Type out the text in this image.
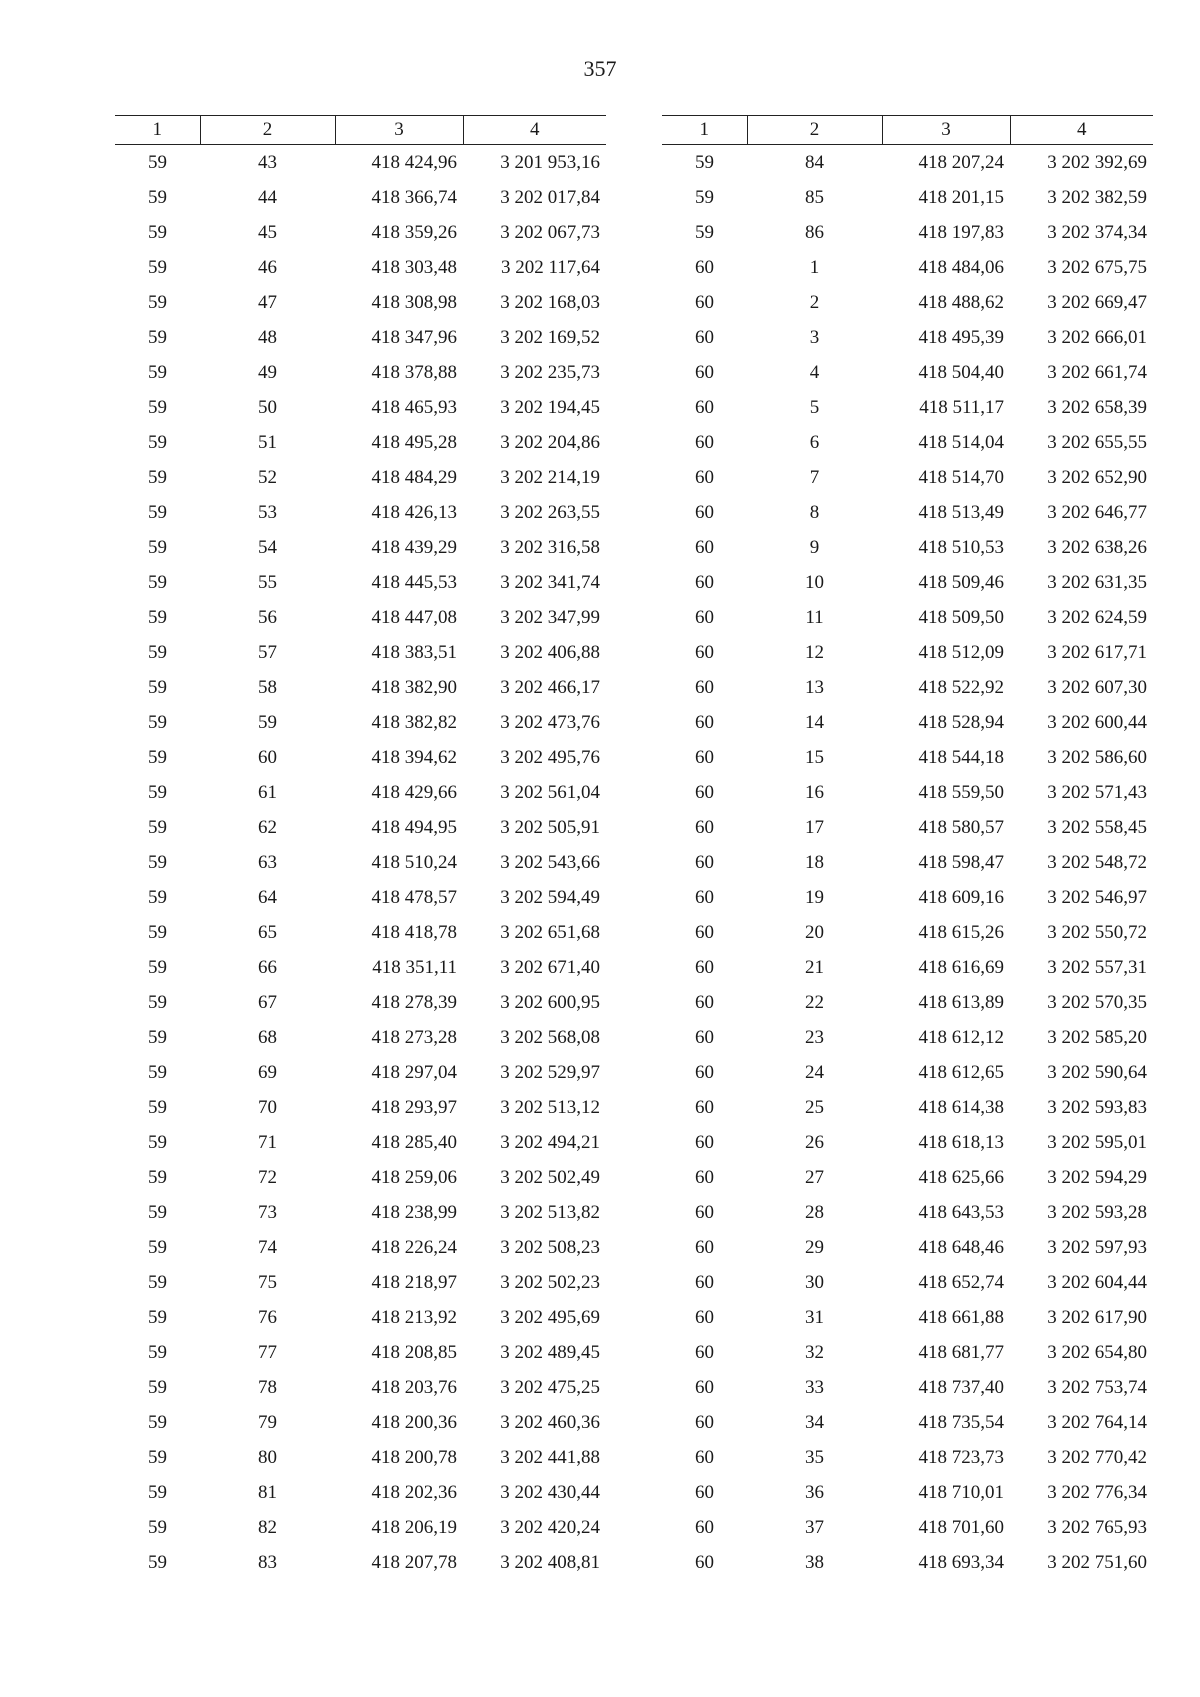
357
1	2	3	4
59	43	418 424,96	3 201 953,16
59	44	418 366,74	3 202 017,84
59	45	418 359,26	3 202 067,73
59	46	418 303,48	3 202 117,64
59	47	418 308,98	3 202 168,03
59	48	418 347,96	3 202 169,52
59	49	418 378,88	3 202 235,73
59	50	418 465,93	3 202 194,45
59	51	418 495,28	3 202 204,86
59	52	418 484,29	3 202 214,19
59	53	418 426,13	3 202 263,55
59	54	418 439,29	3 202 316,58
59	55	418 445,53	3 202 341,74
59	56	418 447,08	3 202 347,99
59	57	418 383,51	3 202 406,88
59	58	418 382,90	3 202 466,17
59	59	418 382,82	3 202 473,76
59	60	418 394,62	3 202 495,76
59	61	418 429,66	3 202 561,04
59	62	418 494,95	3 202 505,91
59	63	418 510,24	3 202 543,66
59	64	418 478,57	3 202 594,49
59	65	418 418,78	3 202 651,68
59	66	418 351,11	3 202 671,40
59	67	418 278,39	3 202 600,95
59	68	418 273,28	3 202 568,08
59	69	418 297,04	3 202 529,97
59	70	418 293,97	3 202 513,12
59	71	418 285,40	3 202 494,21
59	72	418 259,06	3 202 502,49
59	73	418 238,99	3 202 513,82
59	74	418 226,24	3 202 508,23
59	75	418 218,97	3 202 502,23
59	76	418 213,92	3 202 495,69
59	77	418 208,85	3 202 489,45
59	78	418 203,76	3 202 475,25
59	79	418 200,36	3 202 460,36
59	80	418 200,78	3 202 441,88
59	81	418 202,36	3 202 430,44
59	82	418 206,19	3 202 420,24
59	83	418 207,78	3 202 408,81
1	2	3	4
59	84	418 207,24	3 202 392,69
59	85	418 201,15	3 202 382,59
59	86	418 197,83	3 202 374,34
60	1	418 484,06	3 202 675,75
60	2	418 488,62	3 202 669,47
60	3	418 495,39	3 202 666,01
60	4	418 504,40	3 202 661,74
60	5	418 511,17	3 202 658,39
60	6	418 514,04	3 202 655,55
60	7	418 514,70	3 202 652,90
60	8	418 513,49	3 202 646,77
60	9	418 510,53	3 202 638,26
60	10	418 509,46	3 202 631,35
60	11	418 509,50	3 202 624,59
60	12	418 512,09	3 202 617,71
60	13	418 522,92	3 202 607,30
60	14	418 528,94	3 202 600,44
60	15	418 544,18	3 202 586,60
60	16	418 559,50	3 202 571,43
60	17	418 580,57	3 202 558,45
60	18	418 598,47	3 202 548,72
60	19	418 609,16	3 202 546,97
60	20	418 615,26	3 202 550,72
60	21	418 616,69	3 202 557,31
60	22	418 613,89	3 202 570,35
60	23	418 612,12	3 202 585,20
60	24	418 612,65	3 202 590,64
60	25	418 614,38	3 202 593,83
60	26	418 618,13	3 202 595,01
60	27	418 625,66	3 202 594,29
60	28	418 643,53	3 202 593,28
60	29	418 648,46	3 202 597,93
60	30	418 652,74	3 202 604,44
60	31	418 661,88	3 202 617,90
60	32	418 681,77	3 202 654,80
60	33	418 737,40	3 202 753,74
60	34	418 735,54	3 202 764,14
60	35	418 723,73	3 202 770,42
60	36	418 710,01	3 202 776,34
60	37	418 701,60	3 202 765,93
60	38	418 693,34	3 202 751,60
